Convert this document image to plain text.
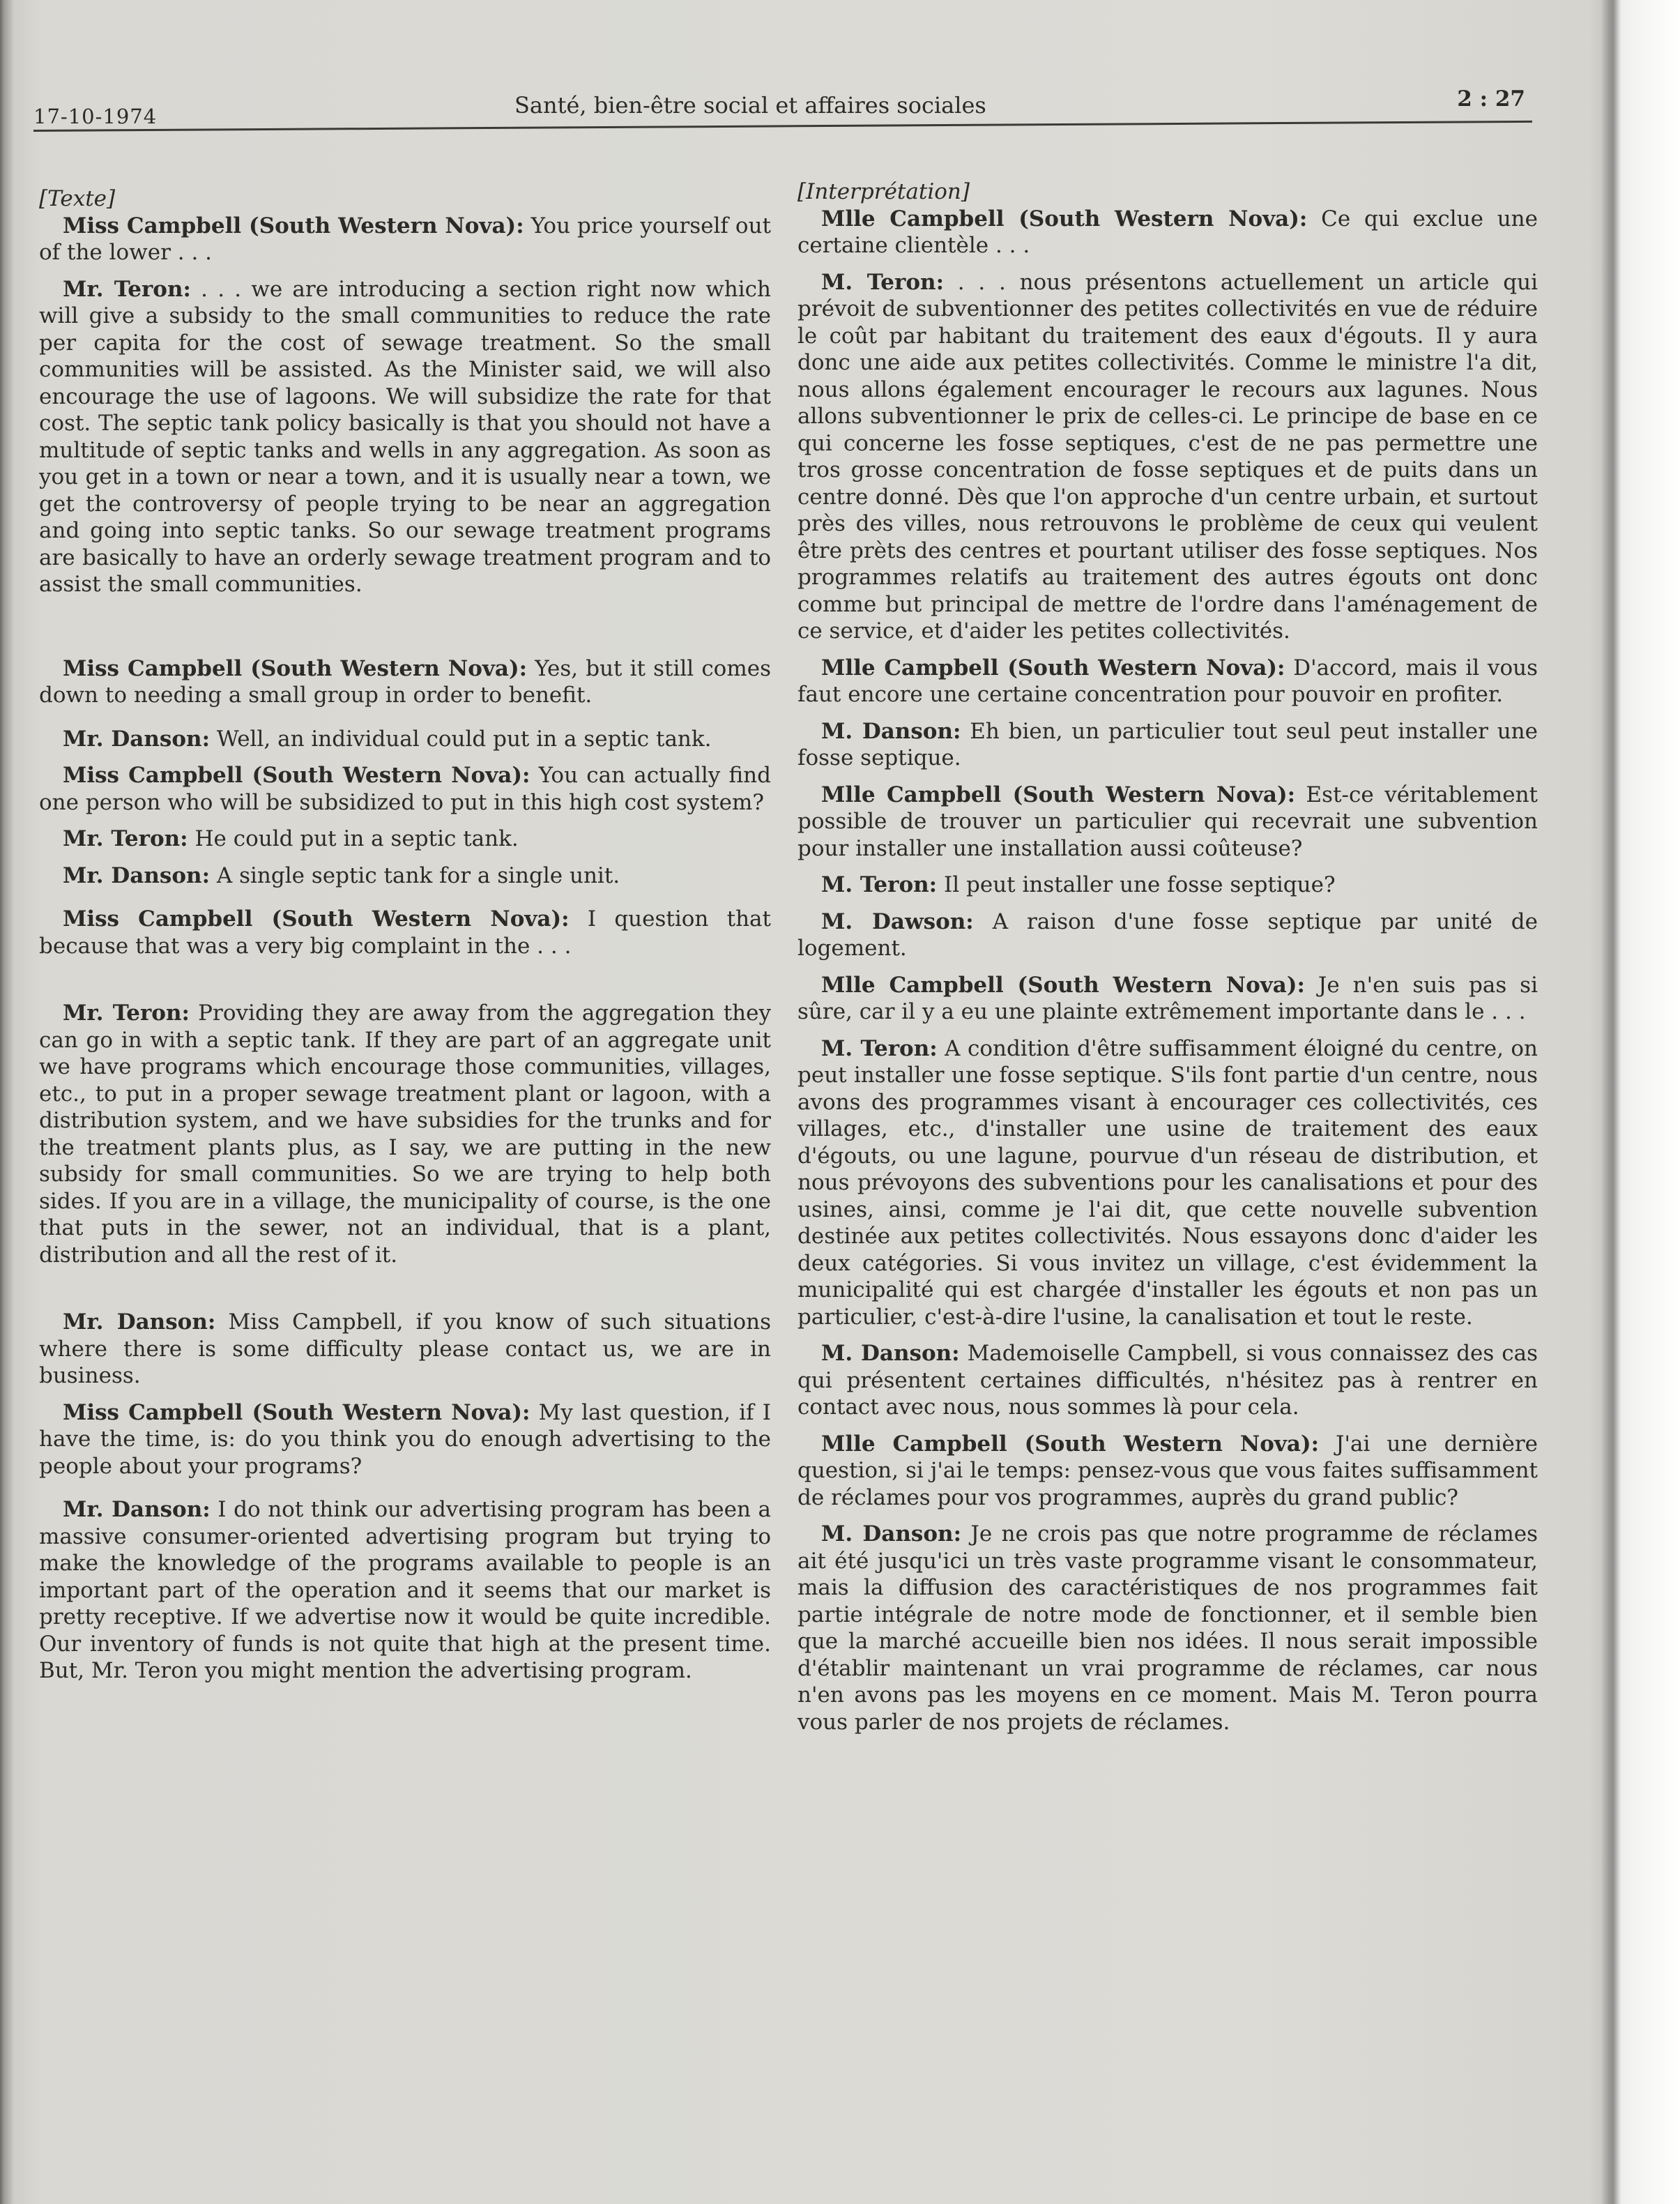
17-10-1974	Santé, bien-être social et affaires sociales	2 : 27
[Texte]

Miss Campbell (South Western Nova): You price yourself out of the lower . . .

Mr. Teron: . . . we are introducing a section right now which will give a subsidy to the small communities to reduce the rate per capita for the cost of sewage treatment. So the small communities will be assisted. As the Minister said, we will also encourage the use of lagoons. We will subsidize the rate for that cost. The septic tank policy basically is that you should not have a multitude of septic tanks and wells in any aggregation. As soon as you get in a town or near a town, and it is usually near a town, we get the controversy of people trying to be near an aggregation and going into septic tanks. So our sewage treatment programs are basically to have an orderly sewage treatment program and to assist the small communities.

Miss Campbell (South Western Nova): Yes, but it still comes down to needing a small group in order to benefit.

Mr. Danson: Well, an individual could put in a septic tank.

Miss Campbell (South Western Nova): You can actually find one person who will be subsidized to put in this high cost system?

Mr. Teron: He could put in a septic tank.

Mr. Danson: A single septic tank for a single unit.

Miss Campbell (South Western Nova): I question that because that was a very big complaint in the . . .

Mr. Teron: Providing they are away from the aggregation they can go in with a septic tank. If they are part of an aggregate unit we have programs which encourage those communities, villages, etc., to put in a proper sewage treatment plant or lagoon, with a distribution system, and we have subsidies for the trunks and for the treatment plants plus, as I say, we are putting in the new subsidy for small communities. So we are trying to help both sides. If you are in a village, the municipality of course, is the one that puts in the sewer, not an individual, that is a plant, distribution and all the rest of it.

Mr. Danson: Miss Campbell, if you know of such situations where there is some difficulty please contact us, we are in business.

Miss Campbell (South Western Nova): My last question, if I have the time, is: do you think you do enough advertising to the people about your programs?

Mr. Danson: I do not think our advertising program has been a massive consumer-oriented advertising program but trying to make the knowledge of the programs available to people is an important part of the operation and it seems that our market is pretty receptive. If we advertise now it would be quite incredible. Our inventory of funds is not quite that high at the present time. But, Mr. Teron you might mention the advertising program.

[Interprétation]

Mlle Campbell (South Western Nova): Ce qui exclue une certaine clientèle . . .

M. Teron: . . . nous présentons actuellement un article qui prévoit de subventionner des petites collectivités en vue de réduire le coût par habitant du traitement des eaux d'égouts. Il y aura donc une aide aux petites collectivités. Comme le ministre l'a dit, nous allons également encourager le recours aux lagunes. Nous allons subventionner le prix de celles-ci. Le principe de base en ce qui concerne les fosse septiques, c'est de ne pas permettre une tros grosse concentration de fosse septiques et de puits dans un centre donné. Dès que l'on approche d'un centre urbain, et surtout près des villes, nous retrouvons le problème de ceux qui veulent être prèts des centres et pourtant utiliser des fosse septiques. Nos programmes relatifs au traitement des autres égouts ont donc comme but principal de mettre de l'ordre dans l'aménagement de ce service, et d'aider les petites collectivités.

Mlle Campbell (South Western Nova): D'accord, mais il vous faut encore une certaine concentration pour pouvoir en profiter.

M. Danson: Eh bien, un particulier tout seul peut installer une fosse septique.

Mlle Campbell (South Western Nova): Est-ce véritablement possible de trouver un particulier qui recevrait une subvention pour installer une installation aussi coûteuse?

M. Teron: Il peut installer une fosse septique?

M. Dawson: A raison d'une fosse septique par unité de logement.

Mlle Campbell (South Western Nova): Je n'en suis pas si sûre, car il y a eu une plainte extrêmement importante dans le . . .

M. Teron: A condition d'être suffisamment éloigné du centre, on peut installer une fosse septique. S'ils font partie d'un centre, nous avons des programmes visant à encourager ces collectivités, ces villages, etc., d'installer une usine de traitement des eaux d'égouts, ou une lagune, pourvue d'un réseau de distribution, et nous prévoyons des subventions pour les canalisations et pour des usines, ainsi, comme je l'ai dit, que cette nouvelle subvention destinée aux petites collectivités. Nous essayons donc d'aider les deux catégories. Si vous invitez un village, c'est évidemment la municipalité qui est chargée d'installer les égouts et non pas un particulier, c'est-à-dire l'usine, la canalisation et tout le reste.

M. Danson: Mademoiselle Campbell, si vous connaissez des cas qui présentent certaines difficultés, n'hésitez pas à rentrer en contact avec nous, nous sommes là pour cela.

Mlle Campbell (South Western Nova): J'ai une dernière question, si j'ai le temps: pensez-vous que vous faites suffisamment de réclames pour vos programmes, auprès du grand public?

M. Danson: Je ne crois pas que notre programme de réclames ait été jusqu'ici un très vaste programme visant le consommateur, mais la diffusion des caractéristiques de nos programmes fait partie intégrale de notre mode de fonctionner, et il semble bien que la marché accueille bien nos idées. Il nous serait impossible d'établir maintenant un vrai programme de réclames, car nous n'en avons pas les moyens en ce moment. Mais M. Teron pourra vous parler de nos projets de réclames.
